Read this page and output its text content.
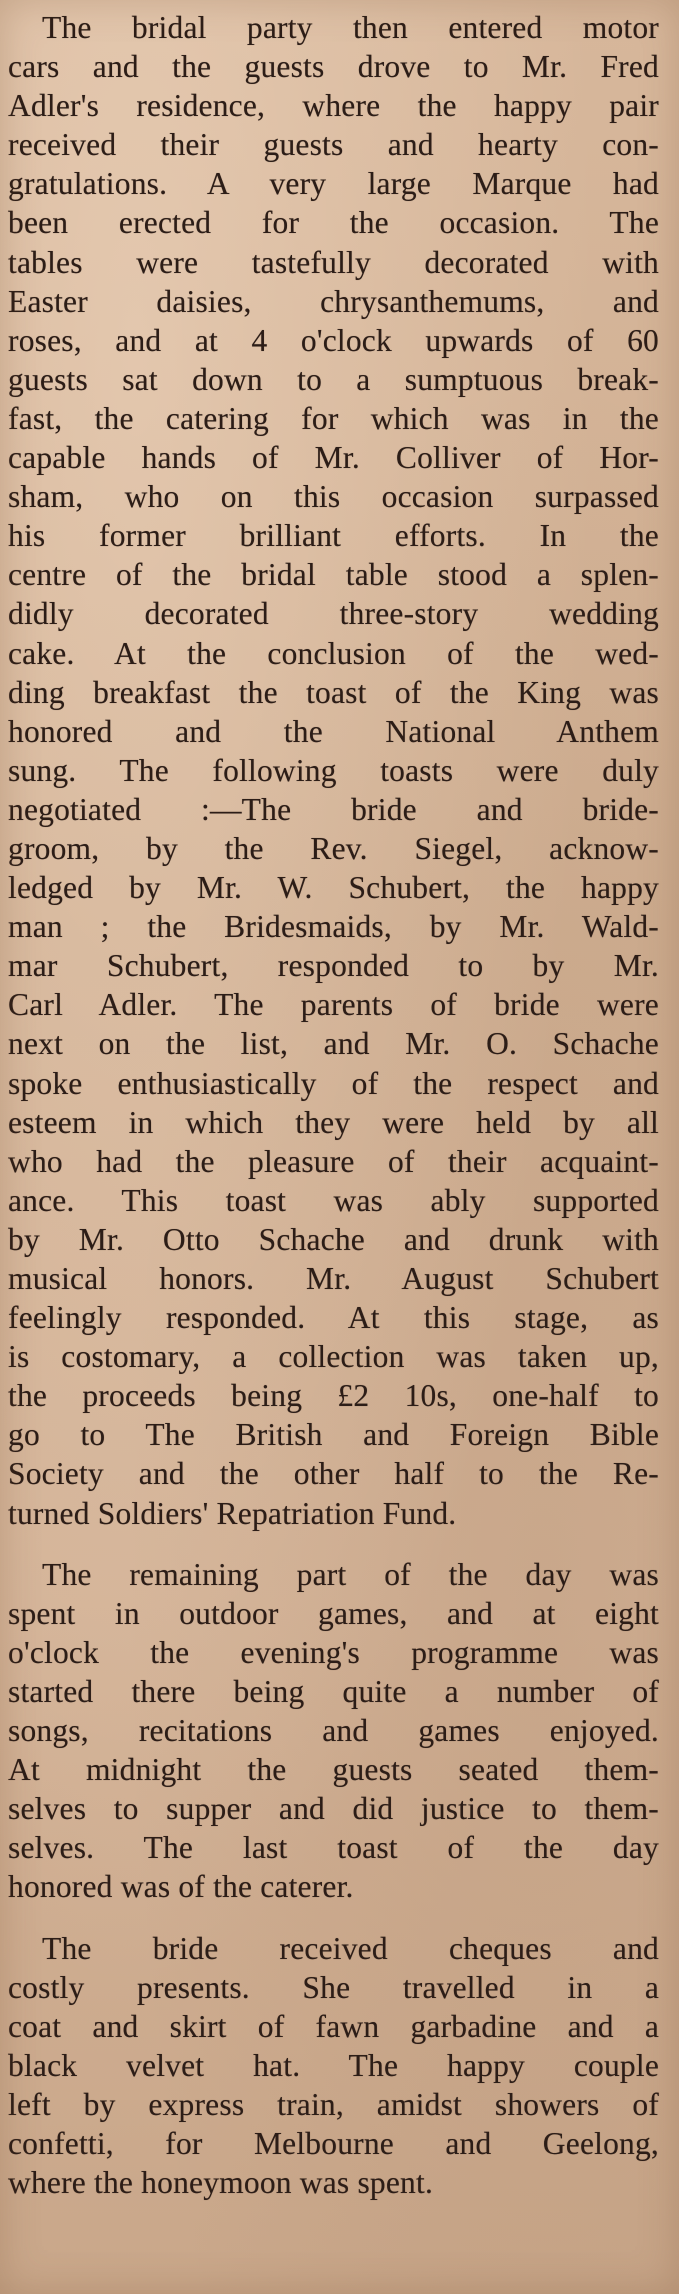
The bridal party then entered motor
cars and the guests drove to Mr. Fred
Adler's residence, where the happy pair
received their guests and hearty con-
gratulations. A very large Marque had
been erected for the occasion. The
tables were tastefully decorated with
Easter daisies, chrysanthemums, and
roses, and at 4 o'clock upwards of 60
guests sat down to a sumptuous break-
fast, the catering for which was in the
capable hands of Mr. Colliver of Hor-
sham, who on this occasion surpassed
his former brilliant efforts. In the
centre of the bridal table stood a splen-
didly decorated three-story wedding
cake. At the conclusion of the wed-
ding breakfast the toast of the King was
honored and the National Anthem
sung. The following toasts were duly
negotiated :—The bride and bride-
groom, by the Rev. Siegel, acknow-
ledged by Mr. W. Schubert, the happy
man ; the Bridesmaids, by Mr. Wald-
mar Schubert, responded to by Mr.
Carl Adler. The parents of bride were
next on the list, and Mr. O. Schache
spoke enthusiastically of the respect and
esteem in which they were held by all
who had the pleasure of their acquaint-
ance. This toast was ably supported
by Mr. Otto Schache and drunk with
musical honors. Mr. August Schubert
feelingly responded. At this stage, as
is costomary, a collection was taken up,
the proceeds being £2 10s, one-half to
go to The British and Foreign Bible
Society and the other half to the Re-
turned Soldiers' Repatriation Fund.
The remaining part of the day was
spent in outdoor games, and at eight
o'clock the evening's programme was
started there being quite a number of
songs, recitations and games enjoyed.
At midnight the guests seated them-
selves to supper and did justice to them-
selves. The last toast of the day
honored was of the caterer.
The bride received cheques and
costly presents. She travelled in a
coat and skirt of fawn garbadine and a
black velvet hat. The happy couple
left by express train, amidst showers of
confetti, for Melbourne and Geelong,
where the honeymoon was spent.
